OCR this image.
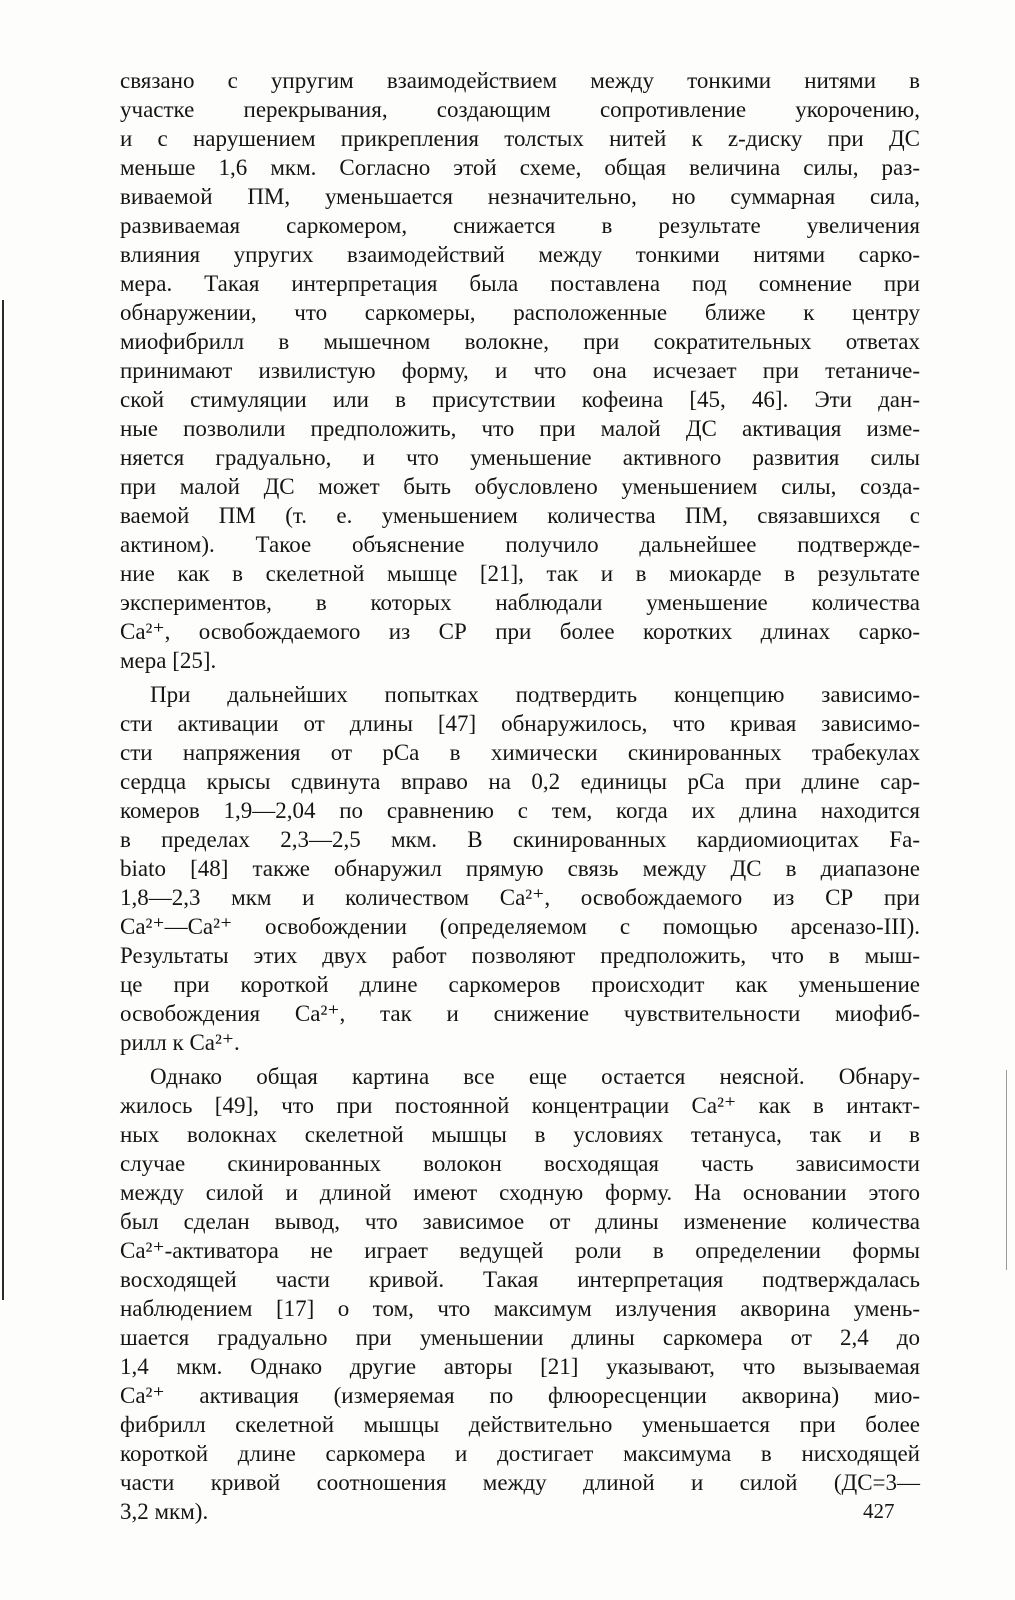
связано с упругим взаимодействием между тонкими нитями в
участке перекрывания, создающим сопротивление укорочению,
и с нарушением прикрепления толстых нитей к z-диску при ДС
меньше 1,6 мкм. Согласно этой схеме, общая величина силы, раз-
виваемой ПМ, уменьшается незначительно, но суммарная сила,
развиваемая саркомером, снижается в результате увеличения
влияния упругих взаимодействий между тонкими нитями сарко-
мера. Такая интерпретация была поставлена под сомнение при
обнаружении, что саркомеры, расположенные ближе к центру
миофибрилл в мышечном волокне, при сократительных ответах
принимают извилистую форму, и что она исчезает при тетаниче-
ской стимуляции или в присутствии кофеина [45, 46]. Эти дан-
ные позволили предположить, что при малой ДС активация изме-
няется градуально, и что уменьшение активного развития силы
при малой ДС может быть обусловлено уменьшением силы, созда-
ваемой ПМ (т. е. уменьшением количества ПМ, связавшихся с
актином). Такое объяснение получило дальнейшее подтвержде-
ние как в скелетной мышце [21], так и в миокарде в результате
экспериментов, в которых наблюдали уменьшение количества
Ca²⁺, освобождаемого из СР при более коротких длинах сарко-
мера [25].
При дальнейших попытках подтвердить концепцию зависимо-
сти активации от длины [47] обнаружилось, что кривая зависимо-
сти напряжения от pCa в химически скинированных трабекулах
сердца крысы сдвинута вправо на 0,2 единицы pCa при длине сар-
комеров 1,9—2,04 по сравнению с тем, когда их длина находится
в пределах 2,3—2,5 мкм. В скинированных кардиомиоцитах Fa-
biato [48] также обнаружил прямую связь между ДС в диапазоне
1,8—2,3 мкм и количеством Ca²⁺, освобождаемого из СР при
Ca²⁺—Ca²⁺ освобождении (определяемом с помощью арсеназо-III).
Результаты этих двух работ позволяют предположить, что в мыш-
це при короткой длине саркомеров происходит как уменьшение
освобождения Ca²⁺, так и снижение чувствительности миофиб-
рилл к Ca²⁺.
Однако общая картина все еще остается неясной. Обнару-
жилось [49], что при постоянной концентрации Ca²⁺ как в интакт-
ных волокнах скелетной мышцы в условиях тетануса, так и в
случае скинированных волокон восходящая часть зависимости
между силой и длиной имеют сходную форму. На основании этого
был сделан вывод, что зависимое от длины изменение количества
Ca²⁺-активатора не играет ведущей роли в определении формы
восходящей части кривой. Такая интерпретация подтверждалась
наблюдением [17] о том, что максимум излучения акворина умень-
шается градуально при уменьшении длины саркомера от 2,4 до
1,4 мкм. Однако другие авторы [21] указывают, что вызываемая
Ca²⁺ активация (измеряемая по флюоресценции акворина) мио-
фибрилл скелетной мышцы действительно уменьшается при более
короткой длине саркомера и достигает максимума в нисходящей
части кривой соотношения между длиной и силой (ДС=3—
3,2 мкм).	427
